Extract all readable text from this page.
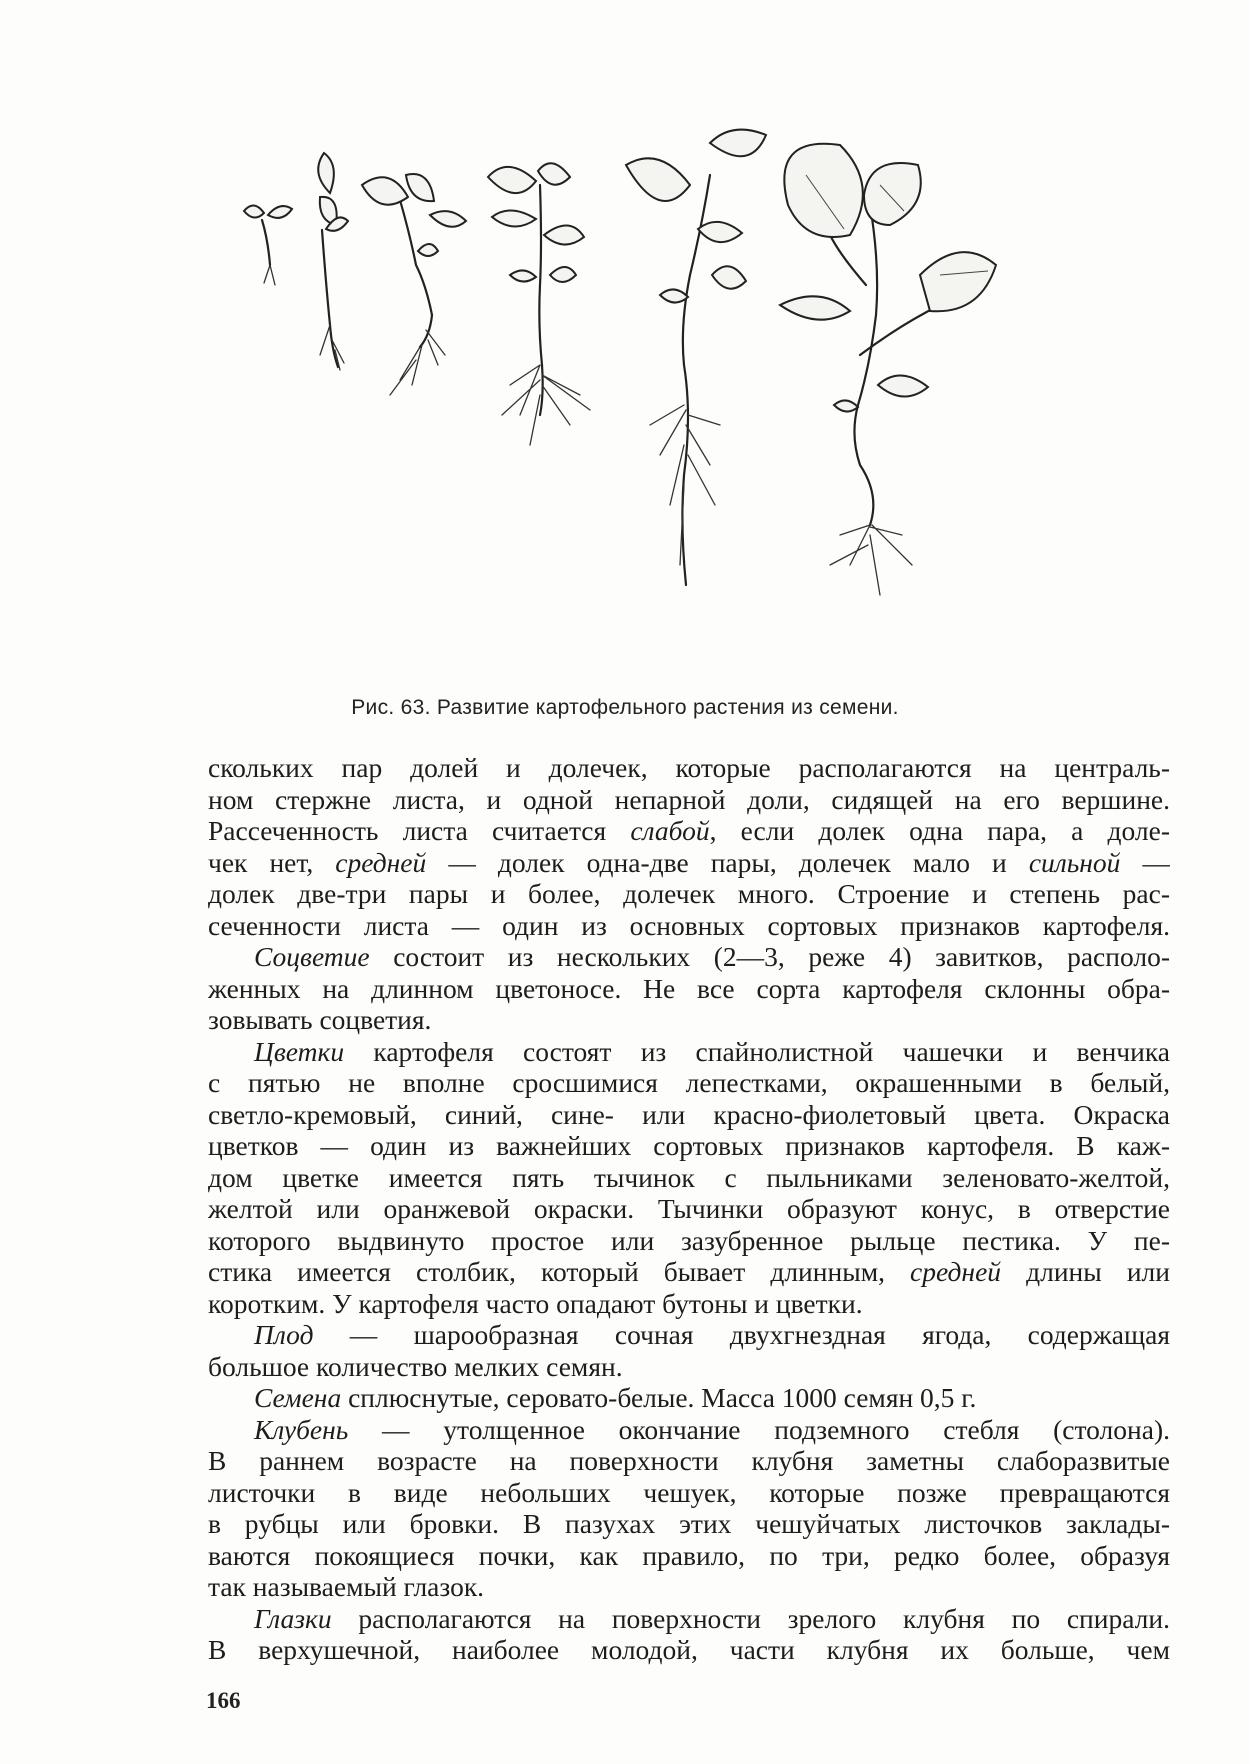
Рис. 63. Развитие картофельного растения из семени.
скольких пар долей и долечек, которые располагаются на централь-
ном стержне листа, и одной непарной доли, сидящей на его вершине.
Рассеченность листа считается слабой, если долек одна пара, а доле-
чек нет, средней — долек одна-две пары, долечек мало и сильной —
долек две-три пары и более, долечек много. Строение и степень рас-
сеченности листа — один из основных сортовых признаков картофеля.
Соцветие состоит из нескольких (2—3, реже 4) завитков, располо-
женных на длинном цветоносе. Не все сорта картофеля склонны обра-
зовывать соцветия.
Цветки картофеля состоят из спайнолистной чашечки и венчика
с пятью не вполне сросшимися лепестками, окрашенными в белый,
светло-кремовый, синий, сине- или красно-фиолетовый цвета. Окраска
цветков — один из важнейших сортовых признаков картофеля. В каж-
дом цветке имеется пять тычинок с пыльниками зеленовато-желтой,
желтой или оранжевой окраски. Тычинки образуют конус, в отверстие
которого выдвинуто простое или зазубренное рыльце пестика. У пе-
стика имеется столбик, который бывает длинным, средней длины или
коротким. У картофеля часто опадают бутоны и цветки.
Плод — шарообразная сочная двухгнездная ягода, содержащая
большое количество мелких семян.
Семена сплюснутые, серовато-белые. Масса 1000 семян 0,5 г.
Клубень — утолщенное окончание подземного стебля (столона).
В раннем возрасте на поверхности клубня заметны слаборазвитые
листочки в виде небольших чешуек, которые позже превращаются
в рубцы или бровки. В пазухах этих чешуйчатых листочков заклады-
ваются покоящиеся почки, как правило, по три, редко более, образуя
так называемый глазок.
Глазки располагаются на поверхности зрелого клубня по спирали.
В верхушечной, наиболее молодой, части клубня их больше, чем
166
